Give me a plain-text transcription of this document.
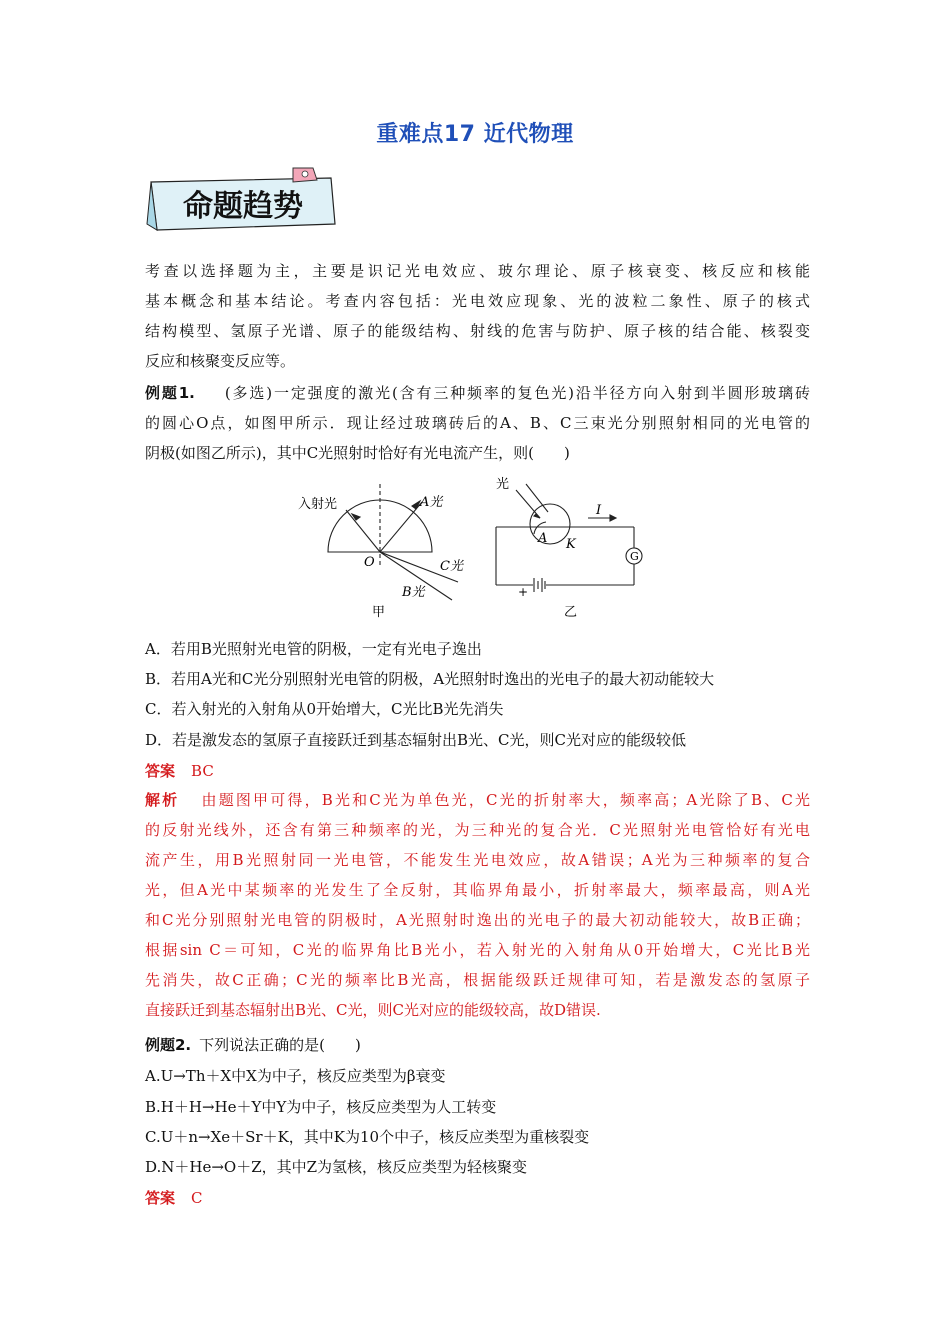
重难点17 近代物理
命题趋势
考查以选择题为主，主要是识记光电效应、玻尔理论、原子核衰变、核反应和核能
基本概念和基本结论。考查内容包括：光电效应现象、光的波粒二象性、原子的核式
结构模型、氢原子光谱、原子的能级结构、射线的危害与防护、原子核的结合能、核裂变
反应和核聚变反应等。
例题1. (多选)一定强度的激光(含有三种频率的复色光)沿半径方向入射到半圆形玻璃砖
的圆心O点，如图甲所示．现让经过玻璃砖后的A、B、C三束光分别照射相同的光电管的
阴极(如图乙所示)，其中C光照射时恰好有光电流产生，则(　　)
入射光	A光
C光
B光
O
甲
光
I
A K
G
+
乙
A．若用B光照射光电管的阴极，一定有光电子逸出
B．若用A光和C光分别照射光电管的阴极，A光照射时逸出的光电子的最大初动能较大
C．若入射光的入射角从0开始增大，C光比B光先消失
D．若是激发态的氢原子直接跃迁到基态辐射出B光、C光，则C光对应的能级较低
答案 BC
解析 由题图甲可得，B光和C光为单色光，C光的折射率大，频率高；A光除了B、C光
的反射光线外，还含有第三种频率的光，为三种光的复合光．C光照射光电管恰好有光电
流产生，用B光照射同一光电管，不能发生光电效应，故A错误；A光为三种频率的复合
光，但A光中某频率的光发生了全反射，其临界角最小，折射率最大，频率最高，则A光
和C光分别照射光电管的阴极时，A光照射时逸出的光电子的最大初动能较大，故B正确；
根据sin C＝可知，C光的临界角比B光小，若入射光的入射角从0开始增大，C光比B光
先消失，故C正确；C光的频率比B光高，根据能级跃迁规律可知，若是激发态的氢原子
直接跃迁到基态辐射出B光、C光，则C光对应的能级较高，故D错误.
例题2. 下列说法正确的是(　　)
A.U→Th＋X中X为中子，核反应类型为β衰变
B.H＋H→He＋Y中Y为中子，核反应类型为人工转变
C.U＋n→Xe＋Sr＋K，其中K为10个中子，核反应类型为重核裂变
D.N＋He→O＋Z，其中Z为氢核，核反应类型为轻核聚变
答案 C
